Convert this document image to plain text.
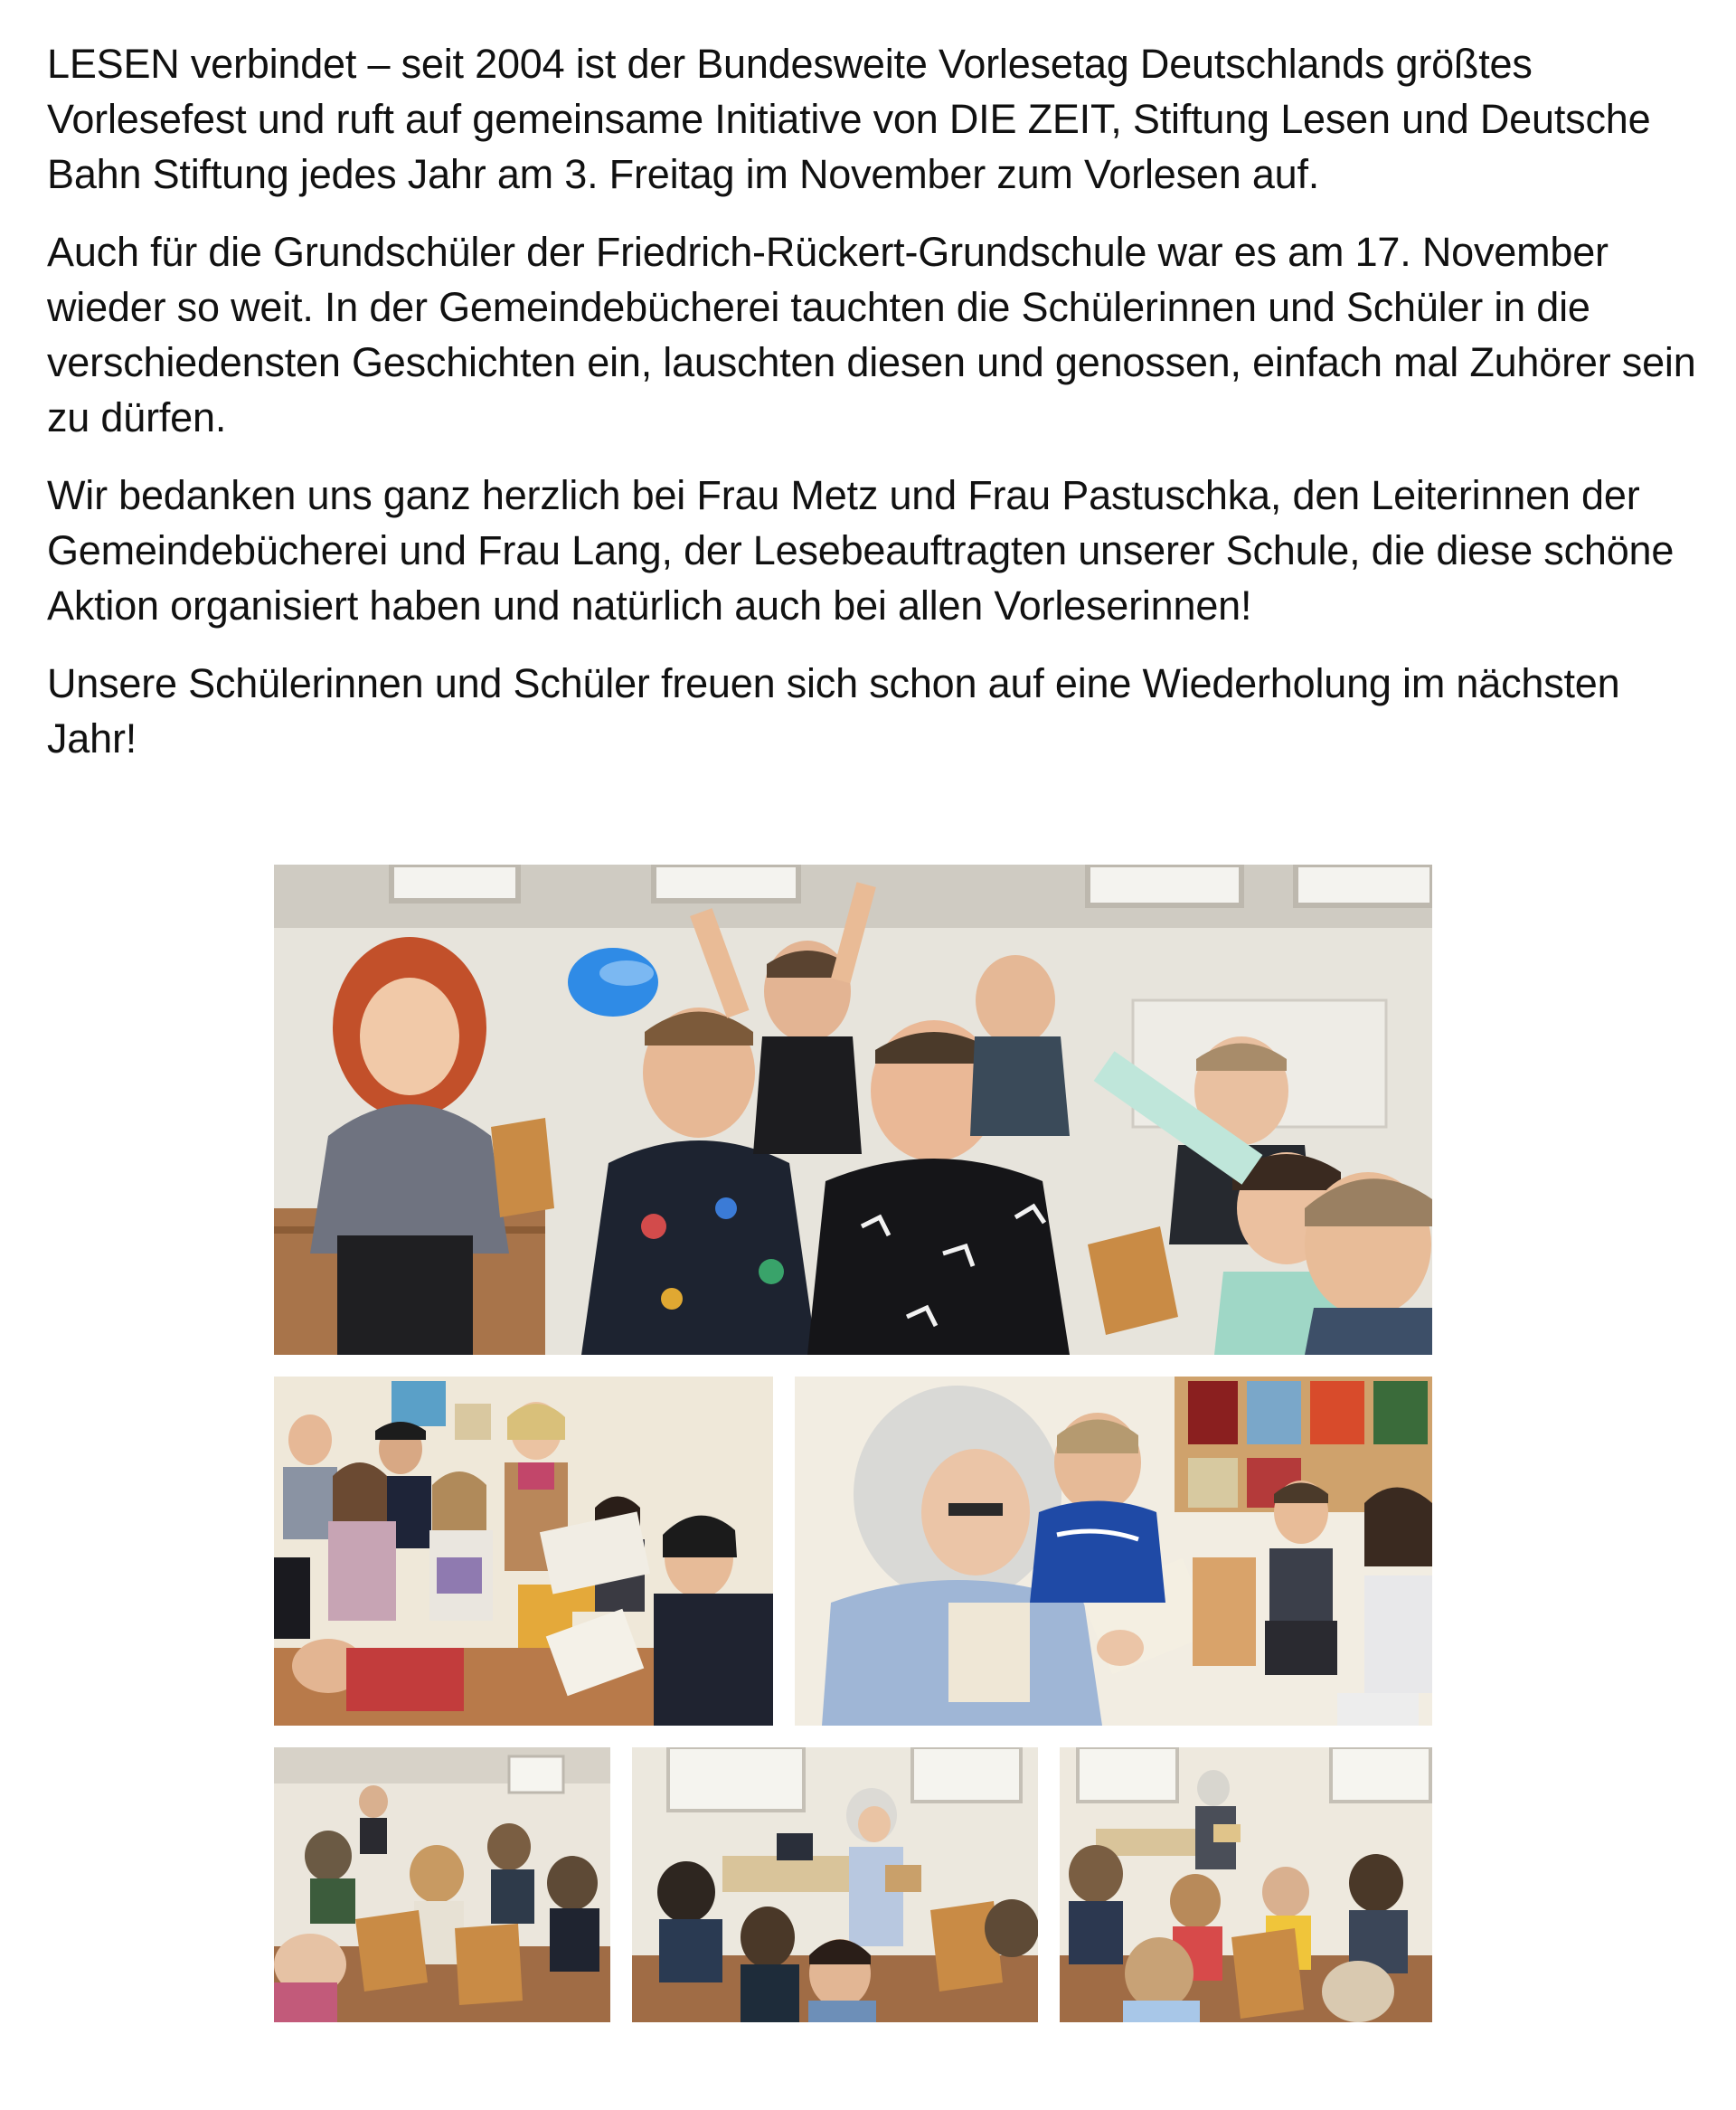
LESEN verbindet – seit 2004 ist der Bundesweite Vorlesetag Deutschlands größtes Vorlesefest und ruft auf gemeinsame Initiative von DIE ZEIT, Stiftung Lesen und Deutsche Bahn Stiftung jedes Jahr am 3. Freitag im November zum Vorlesen auf.

Auch für die Grundschüler der Friedrich-Rückert-Grundschule war es am 17. November wieder so weit. In der Gemeindebücherei tauchten die Schülerinnen und Schüler in die verschiedensten Geschichten ein, lauschten diesen und genossen, einfach mal Zuhörer sein zu dürfen.

Wir bedanken uns ganz herzlich bei Frau Metz und Frau Pastuschka, den Leiterinnen der Gemeindebücherei und Frau Lang, der Lesebeauftragten unserer Schule, die diese schöne Aktion organisiert haben und natürlich auch bei allen Vorleserinnen!

Unsere Schülerinnen und Schüler freuen sich schon auf eine Wiederholung im nächsten Jahr!
